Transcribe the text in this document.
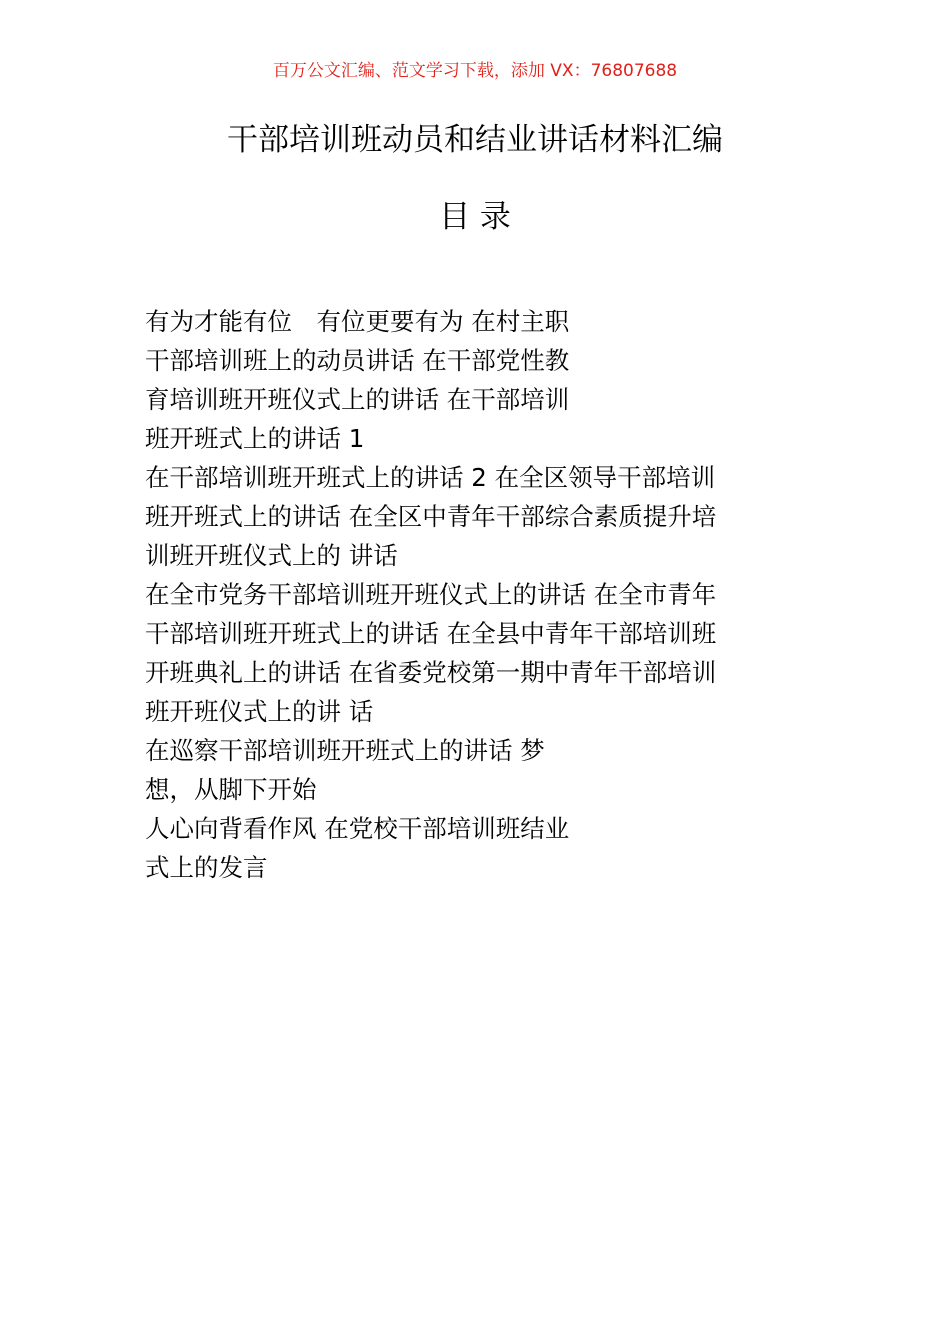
百万公文汇编、范文学习下载，添加 VX：76807688
干部培训班动员和结业讲话材料汇编
目 录
有为才能有位　有位更要有为 在村主职
干部培训班上的动员讲话 在干部党性教
育培训班开班仪式上的讲话 在干部培训
班开班式上的讲话 1
在干部培训班开班式上的讲话 2 在全区领导干部培训
班开班式上的讲话 在全区中青年干部综合素质提升培
训班开班仪式上的 讲话
在全市党务干部培训班开班仪式上的讲话 在全市青年
干部培训班开班式上的讲话 在全县中青年干部培训班
开班典礼上的讲话 在省委党校第一期中青年干部培训
班开班仪式上的讲 话
在巡察干部培训班开班式上的讲话 梦
想，从脚下开始
人心向背看作风 在党校干部培训班结业
式上的发言
